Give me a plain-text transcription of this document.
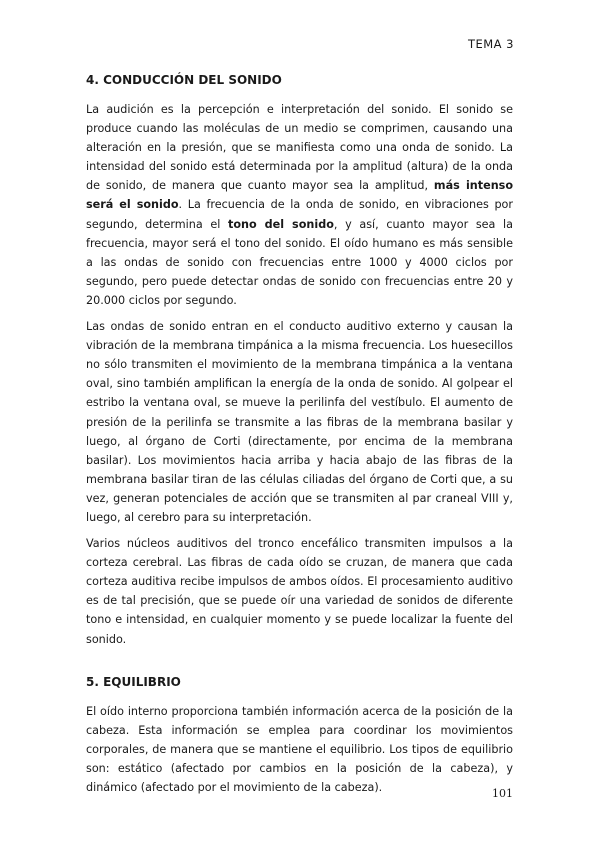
TEMA 3
4. CONDUCCIÓN DEL SONIDO

La audición es la percepción e interpretación del sonido. El sonido se produce cuando las moléculas de un medio se comprimen, causando una alteración en la presión, que se manifiesta como una onda de sonido. La intensidad del sonido está determinada por la amplitud (altura) de la onda de sonido, de manera que cuanto mayor sea la amplitud, más intenso será el sonido. La frecuencia de la onda de sonido, en vibraciones por segundo, determina el tono del sonido, y así, cuanto mayor sea la frecuencia, mayor será el tono del sonido. El oído humano es más sensible a las ondas de sonido con frecuencias entre 1000 y 4000 ciclos por segundo, pero puede detectar ondas de sonido con frecuencias entre 20 y 20.000 ciclos por segundo.

Las ondas de sonido entran en el conducto auditivo externo y causan la vibración de la membrana timpánica a la misma frecuencia. Los huesecillos no sólo transmiten el movimiento de la membrana timpánica a la ventana oval, sino también amplifican la energía de la onda de sonido. Al golpear el estribo la ventana oval, se mueve la perilinfa del vestíbulo. El aumento de presión de la perilinfa se transmite a las fibras de la membrana basilar y luego, al órgano de Corti (directamente, por encima de la membrana basilar). Los movimientos hacia arriba y hacia abajo de las fibras de la membrana basilar tiran de las células ciliadas del órgano de Corti que, a su vez, generan potenciales de acción que se transmiten al par craneal VIII y, luego, al cerebro para su interpretación.

Varios núcleos auditivos del tronco encefálico transmiten impulsos a la corteza cerebral. Las fibras de cada oído se cruzan, de manera que cada corteza auditiva recibe impulsos de ambos oídos. El procesamiento auditivo es de tal precisión, que se puede oír una variedad de sonidos de diferente tono e intensidad, en cualquier momento y se puede localizar la fuente del sonido.

5. EQUILIBRIO

El oído interno proporciona también información acerca de la posición de la cabeza. Esta información se emplea para coordinar los movimientos corporales, de manera que se mantiene el equilibrio. Los tipos de equilibrio son: estático (afectado por cambios en la posición de la cabeza), y dinámico (afectado por el movimiento de la cabeza).	101
